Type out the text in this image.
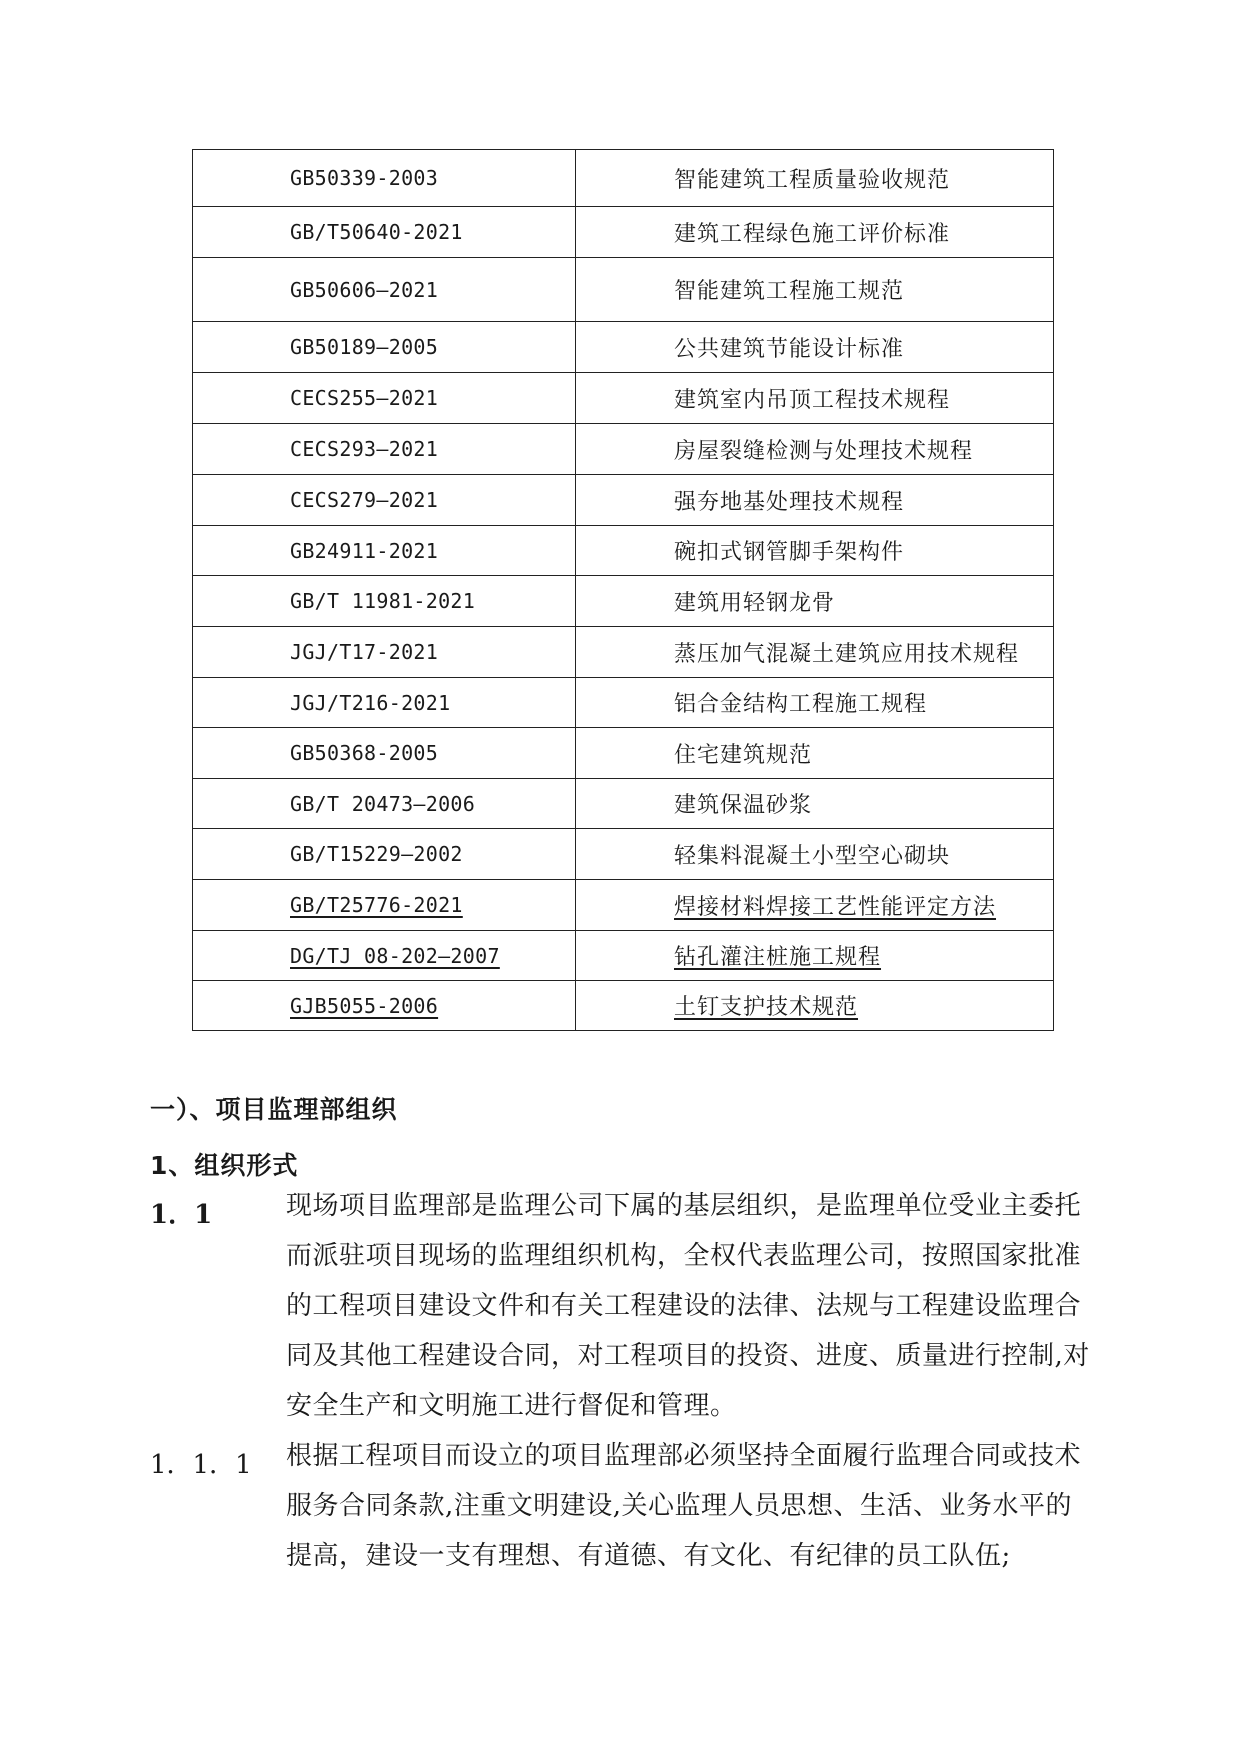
GB50339-2003	智能建筑工程质量验收规范
GB/T50640-2021	建筑工程绿色施工评价标准
GB50606—2021	智能建筑工程施工规范
GB50189—2005	公共建筑节能设计标准
CECS255—2021	建筑室内吊顶工程技术规程
CECS293—2021	房屋裂缝检测与处理技术规程
CECS279—2021	强夯地基处理技术规程
GB24911-2021	碗扣式钢管脚手架构件
GB/T 11981-2021	建筑用轻钢龙骨
JGJ/T17-2021	蒸压加气混凝土建筑应用技术规程
JGJ/T216-2021	铝合金结构工程施工规程
GB50368-2005	住宅建筑规范
GB/T 20473—2006	建筑保温砂浆
GB/T15229—2002	轻集料混凝土小型空心砌块
GB/T25776-2021	焊接材料焊接工艺性能评定方法
DG/TJ 08-202—2007	钻孔灌注桩施工规程
GJB5055-2006	土钉支护技术规范
一）、项目监理部组织
1、组织形式
1．1	现场项目监理部是监理公司下属的基层组织，是监理单位受业主委托
而派驻项目现场的监理组织机构，全权代表监理公司，按照国家批准
的工程项目建设文件和有关工程建设的法律、法规与工程建设监理合
同及其他工程建设合同，对工程项目的投资、进度、质量进行控制,对
安全生产和文明施工进行督促和管理。
1．1．1 根据工程项目而设立的项目监理部必须坚持全面履行监理合同或技术
服务合同条款,注重文明建设,关心监理人员思想、生活、业务水平的
提高，建设一支有理想、有道德、有文化、有纪律的员工队伍;
